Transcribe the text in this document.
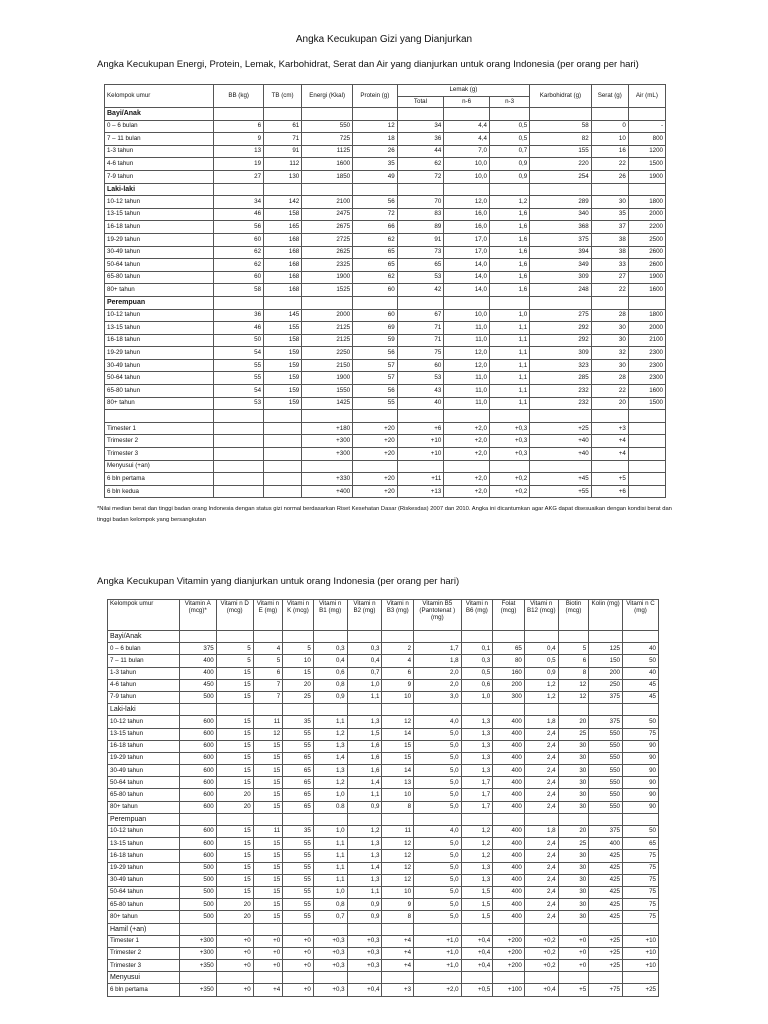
Angka Kecukupan Gizi yang Dianjurkan
Angka Kecukupan Energi, Protein, Lemak, Karbohidrat, Serat dan Air yang dianjurkan untuk orang Indonesia (per orang per hari)
Kelompok umur	BB (kg)	TB (cm)	Energi (Kkal)	Protein (g)	Lemak (g)			Karbohidrat (g)	Serat (g)	Air (mL)
					Total	n-6	n-3			
Bayi/Anak										
0 – 6 bulan	6	61	550	12	34	4,4	0,5	58	0	-
7 – 11 bulan	9	71	725	18	36	4,4	0,5	82	10	800
1-3 tahun	13	91	1125	26	44	7,0	0,7	155	16	1200
4-6 tahun	19	112	1600	35	62	10,0	0,9	220	22	1500
7-9 tahun	27	130	1850	49	72	10,0	0,9	254	26	1900
Laki-laki										
10-12 tahun	34	142	2100	56	70	12,0	1,2	289	30	1800
13-15 tahun	46	158	2475	72	83	16,0	1,6	340	35	2000
16-18 tahun	56	165	2675	66	89	16,0	1,6	368	37	2200
19-29 tahun	60	168	2725	62	91	17,0	1,6	375	38	2500
30-49 tahun	62	168	2625	65	73	17,0	1,6	394	38	2600
50-64 tahun	62	168	2325	65	65	14,0	1,6	349	33	2600
65-80 tahun	60	168	1900	62	53	14,0	1,6	309	27	1900
80+ tahun	58	168	1525	60	42	14,0	1,6	248	22	1600
Perempuan										
10-12 tahun	36	145	2000	60	67	10,0	1,0	275	28	1800
13-15 tahun	46	155	2125	69	71	11,0	1,1	292	30	2000
16-18 tahun	50	158	2125	59	71	11,0	1,1	292	30	2100
19-29 tahun	54	159	2250	56	75	12,0	1,1	309	32	2300
30-49 tahun	55	159	2150	57	60	12,0	1,1	323	30	2300
50-64 tahun	55	159	1900	57	53	11,0	1,1	285	28	2300
65-80 tahun	54	159	1550	56	43	11,0	1,1	232	22	1600
80+ tahun	53	159	1425	55	40	11,0	1,1	232	20	1500

Timester 1			+180	+20	+6	+2,0	+0,3	+25	+3	
Trimester 2			+300	+20	+10	+2,0	+0,3	+40	+4	
Trimester 3			+300	+20	+10	+2,0	+0,3	+40	+4	
Menyusui (+an)										
6 bln pertama			+330	+20	+11	+2,0	+0,2	+45	+5	
6 bln kedua			+400	+20	+13	+2,0	+0,2	+55	+6	
*Nilai median berat dan tinggi badan orang Indonesia dengan status gizi normal berdasarkan Riset Kesehatan Dasar (Riskesdas) 2007 dan 2010. Angka ini dicantumkan agar AKG dapat disesuaikan dengan kondisi berat dan tinggi badan kelompok yang bersangkutan
Angka Kecukupan Vitamin yang dianjurkan untuk orang Indonesia (per orang per hari)
Kelompok umur	Vitamin A (mcg)*	Vitami n D (mcg)	Vitami n E (mg)	Vitami n K (mcg)	Vitami n B1 (mg)	Vitami n B2 (mg)	Vitami n B3 (mg)	Vitamin B5 (Pantotenat ) (mg)	Vitami n B6 (mg)	Folat (mcg)	Vitami n B12 (mcg)	Biotin (mcg)	Kolin (mg)	Vitami n C (mg)
Bayi/Anak														
0 – 6 bulan	375	5	4	5	0,3	0,3	2	1,7	0,1	65	0,4	5	125	40
7 – 11 bulan	400	5	5	10	0,4	0,4	4	1,8	0,3	80	0,5	6	150	50
1-3 tahun	400	15	6	15	0,6	0,7	6	2,0	0,5	160	0,9	8	200	40
4-6 tahun	450	15	7	20	0,8	1,0	9	2,0	0,6	200	1,2	12	250	45
7-9 tahun	500	15	7	25	0,9	1,1	10	3,0	1,0	300	1,2	12	375	45
Laki-laki														
10-12 tahun	600	15	11	35	1,1	1,3	12	4,0	1,3	400	1,8	20	375	50
13-15 tahun	600	15	12	55	1,2	1,5	14	5,0	1,3	400	2,4	25	550	75
16-18 tahun	600	15	15	55	1,3	1,6	15	5,0	1,3	400	2,4	30	550	90
19-29 tahun	600	15	15	65	1,4	1,6	15	5,0	1,3	400	2,4	30	550	90
30-49 tahun	600	15	15	65	1,3	1,6	14	5,0	1,3	400	2,4	30	550	90
50-64 tahun	600	15	15	65	1,2	1,4	13	5,0	1,7	400	2,4	30	550	90
65-80 tahun	600	20	15	65	1,0	1,1	10	5,0	1,7	400	2,4	30	550	90
80+ tahun	600	20	15	65	0.8	0,9	8	5,0	1,7	400	2,4	30	550	90
Perempuan														
10-12 tahun	600	15	11	35	1,0	1,2	11	4,0	1,2	400	1,8	20	375	50
13-15 tahun	600	15	15	55	1,1	1,3	12	5,0	1,2	400	2,4	25	400	65
16-18 tahun	600	15	15	55	1,1	1,3	12	5,0	1,2	400	2,4	30	425	75
19-29 tahun	500	15	15	55	1,1	1,4	12	5,0	1,3	400	2,4	30	425	75
30-49 tahun	500	15	15	55	1,1	1,3	12	5,0	1,3	400	2,4	30	425	75
50-64 tahun	500	15	15	55	1,0	1,1	10	5,0	1,5	400	2,4	30	425	75
65-80 tahun	500	20	15	55	0,8	0,9	9	5,0	1,5	400	2,4	30	425	75
80+ tahun	500	20	15	55	0,7	0,9	8	5,0	1,5	400	2,4	30	425	75
Hamil (+an)														
Timester 1	+300	+0	+0	+0	+0,3	+0,3	+4	+1,0	+0,4	+200	+0,2	+0	+25	+10
Trimester 2	+300	+0	+0	+0	+0,3	+0,3	+4	+1,0	+0,4	+200	+0,2	+0	+25	+10
Trimester 3	+350	+0	+0	+0	+0,3	+0,3	+4	+1,0	+0,4	+200	+0,2	+0	+25	+10
Menyusui														
6 bln pertama	+350	+0	+4	+0	+0,3	+0,4	+3	+2,0	+0,5	+100	+0,4	+5	+75	+25
